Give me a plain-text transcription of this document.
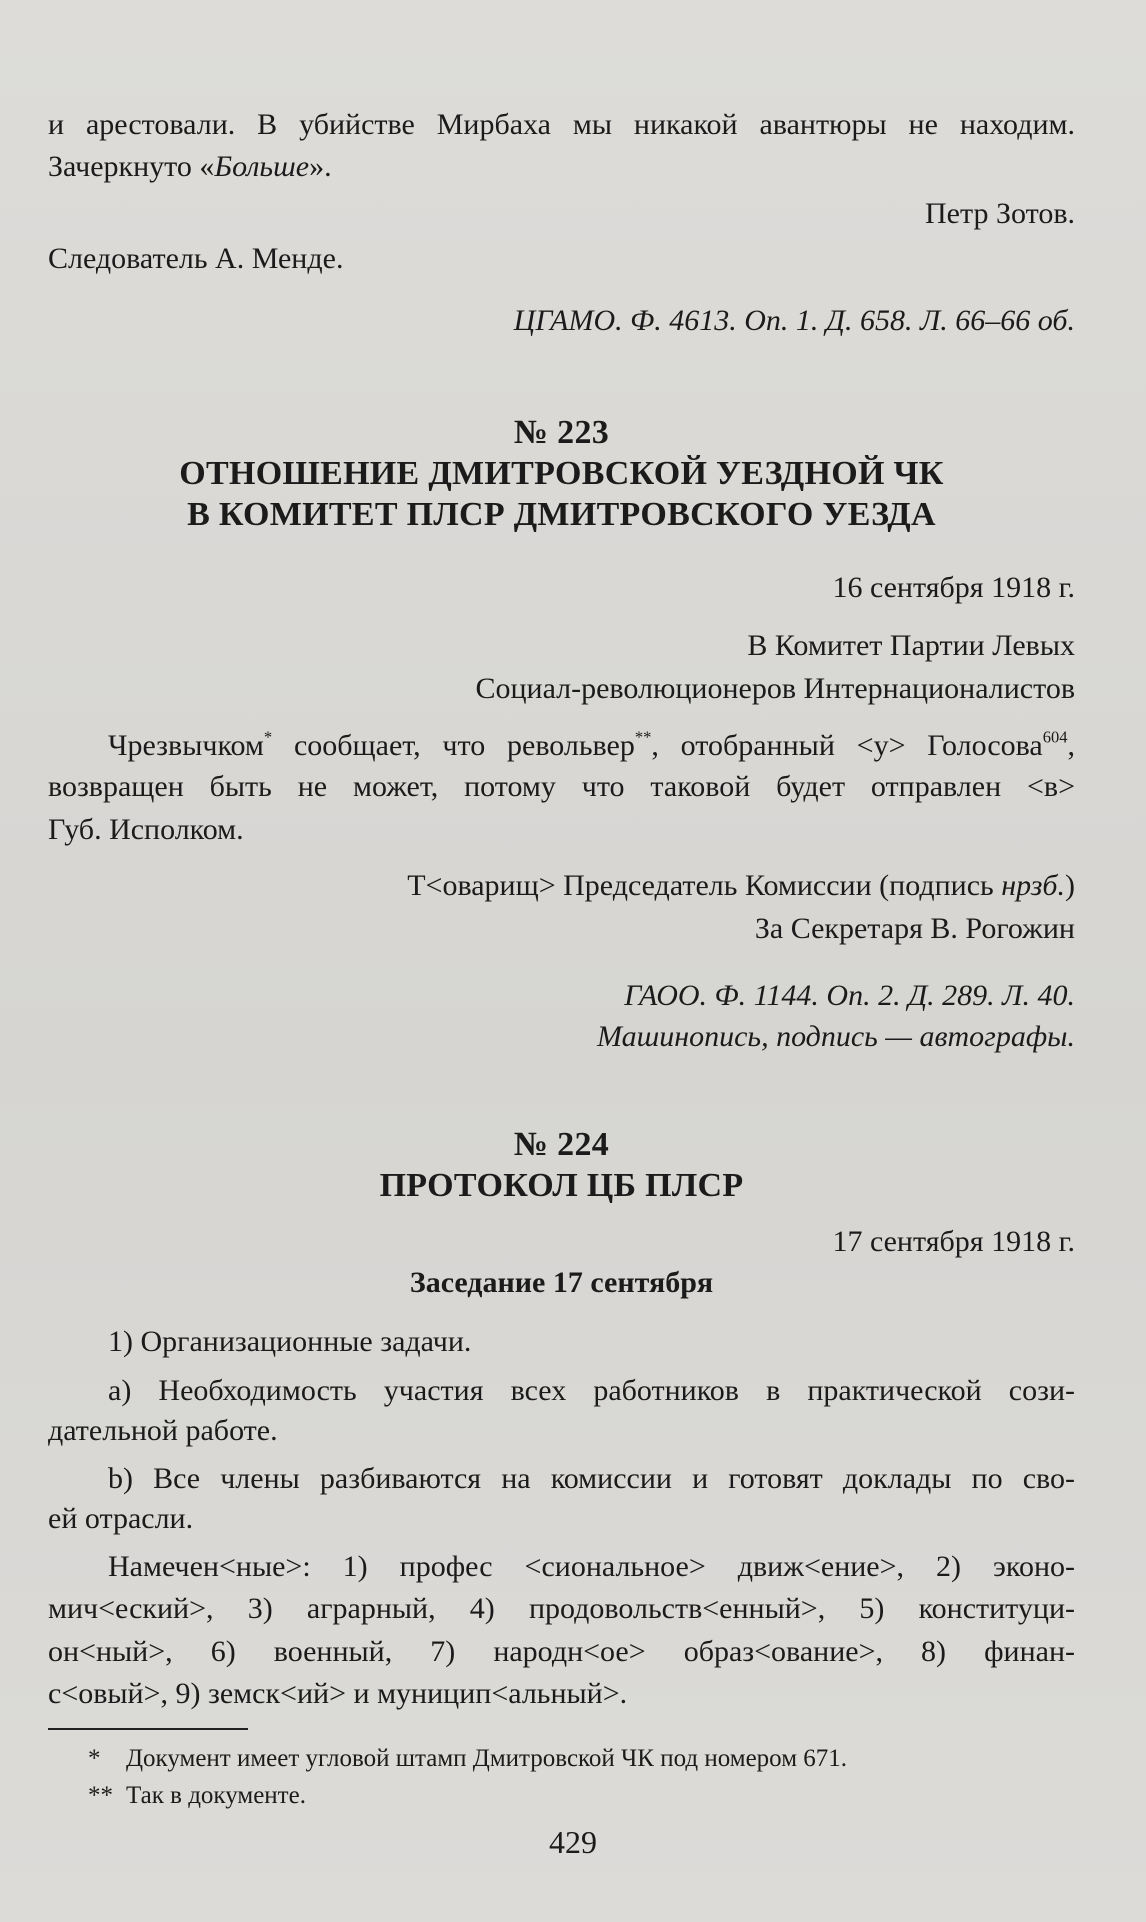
и арестовали. В убийстве Мирбаха мы никакой авантюры не находим.
Зачеркнуто «Больше».
Петр Зотов.
Следователь А. Менде.
ЦГАМО. Ф. 4613. Оп. 1. Д. 658. Л. 66–66 об.
№ 223
ОТНОШЕНИЕ ДМИТРОВСКОЙ УЕЗДНОЙ ЧК
В КОМИТЕТ ПЛСР ДМИТРОВСКОГО УЕЗДА
16 сентября 1918 г.
В Комитет Партии Левых
Социал-революционеров Интернационалистов
Чрезвычком* сообщает, что револьвер**, отобранный <у> Голосова$^{604}$,
возвращен быть не может, потому что таковой будет отправлен <в>
Губ. Исполком.
Т<оварищ> Председатель Комиссии (подпись нрзб.)
За Секретаря В. Рогожин
ГАОО. Ф. 1144. Оп. 2. Д. 289. Л. 40.
Машинопись, подпись — автографы.
№ 224
ПРОТОКОЛ ЦБ ПЛСР
17 сентября 1918 г.
Заседание 17 сентября
1) Организационные задачи.
а) Необходимость участия всех работников в практической сози-
дательной работе.
b) Все члены разбиваются на комиссии и готовят доклады по сво-
ей отрасли.
Намечен<ные>: 1) профес <сиональное> движ<ение>, 2) эконо-
мич<еский>, 3) аграрный, 4) продовольств<енный>, 5) конституци-
он<ный>, 6) военный, 7) народн<ое> образ<ование>, 8) финан-
с<овый>, 9) земск<ий> и муницип<альный>.
* Документ имеет угловой штамп Дмитровской ЧК под номером 671.
** Так в документе.
429
